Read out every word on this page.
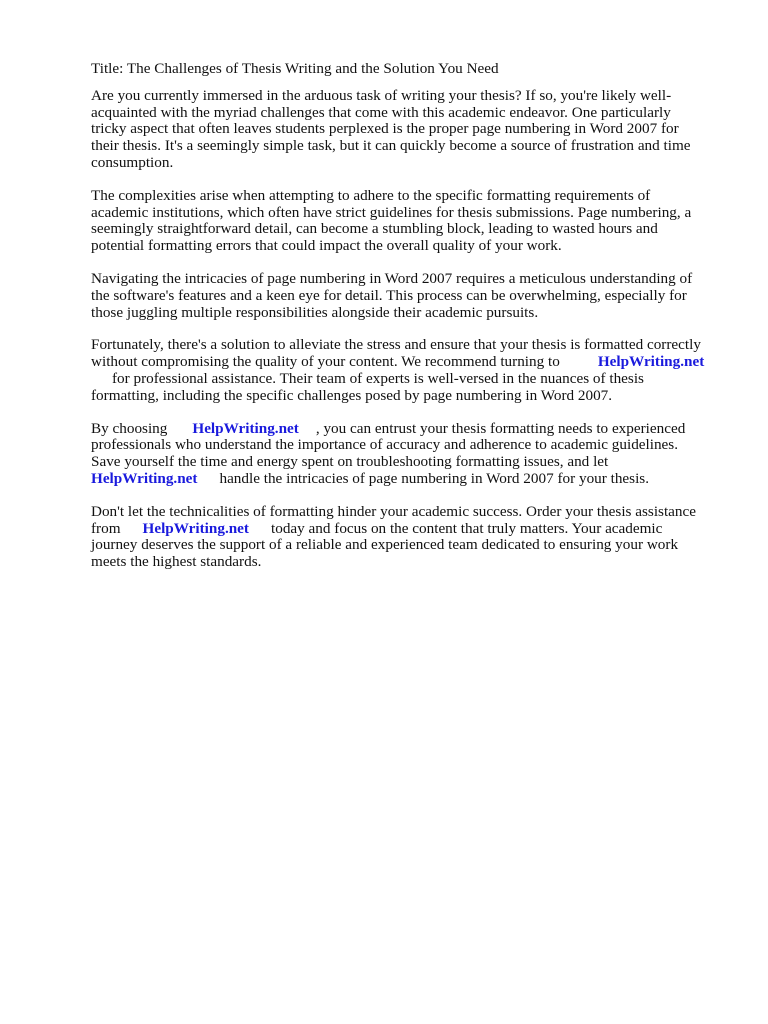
Title: The Challenges of Thesis Writing and the Solution You Need

Are you currently immersed in the arduous task of writing your thesis? If so, you're likely well-

acquainted with the myriad challenges that come with this academic endeavor. One particularly

tricky aspect that often leaves students perplexed is the proper page numbering in Word 2007 for

their thesis. It's a seemingly simple task, but it can quickly become a source of frustration and time

consumption.

The complexities arise when attempting to adhere to the specific formatting requirements of

academic institutions, which often have strict guidelines for thesis submissions. Page numbering, a

seemingly straightforward detail, can become a stumbling block, leading to wasted hours and

potential formatting errors that could impact the overall quality of your work.

Navigating the intricacies of page numbering in Word 2007 requires a meticulous understanding of

the software's features and a keen eye for detail. This process can be overwhelming, especially for

those juggling multiple responsibilities alongside their academic pursuits.

Fortunately, there's a solution to alleviate the stress and ensure that your thesis is formatted correctly

without compromising the quality of your content. We recommend turning to	HelpWriting.net

for professional assistance. Their team of experts is well-versed in the nuances of thesis

formatting, including the specific challenges posed by page numbering in Word 2007.

By choosing HelpWriting.net , you can entrust your thesis formatting needs to experienced

professionals who understand the importance of accuracy and adherence to academic guidelines.

Save yourself the time and energy spent on troubleshooting formatting issues, and let

HelpWriting.net handle the intricacies of page numbering in Word 2007 for your thesis.

Don't let the technicalities of formatting hinder your academic success. Order your thesis assistance

from HelpWriting.net today and focus on the content that truly matters. Your academic

journey deserves the support of a reliable and experienced team dedicated to ensuring your work

meets the highest standards.
